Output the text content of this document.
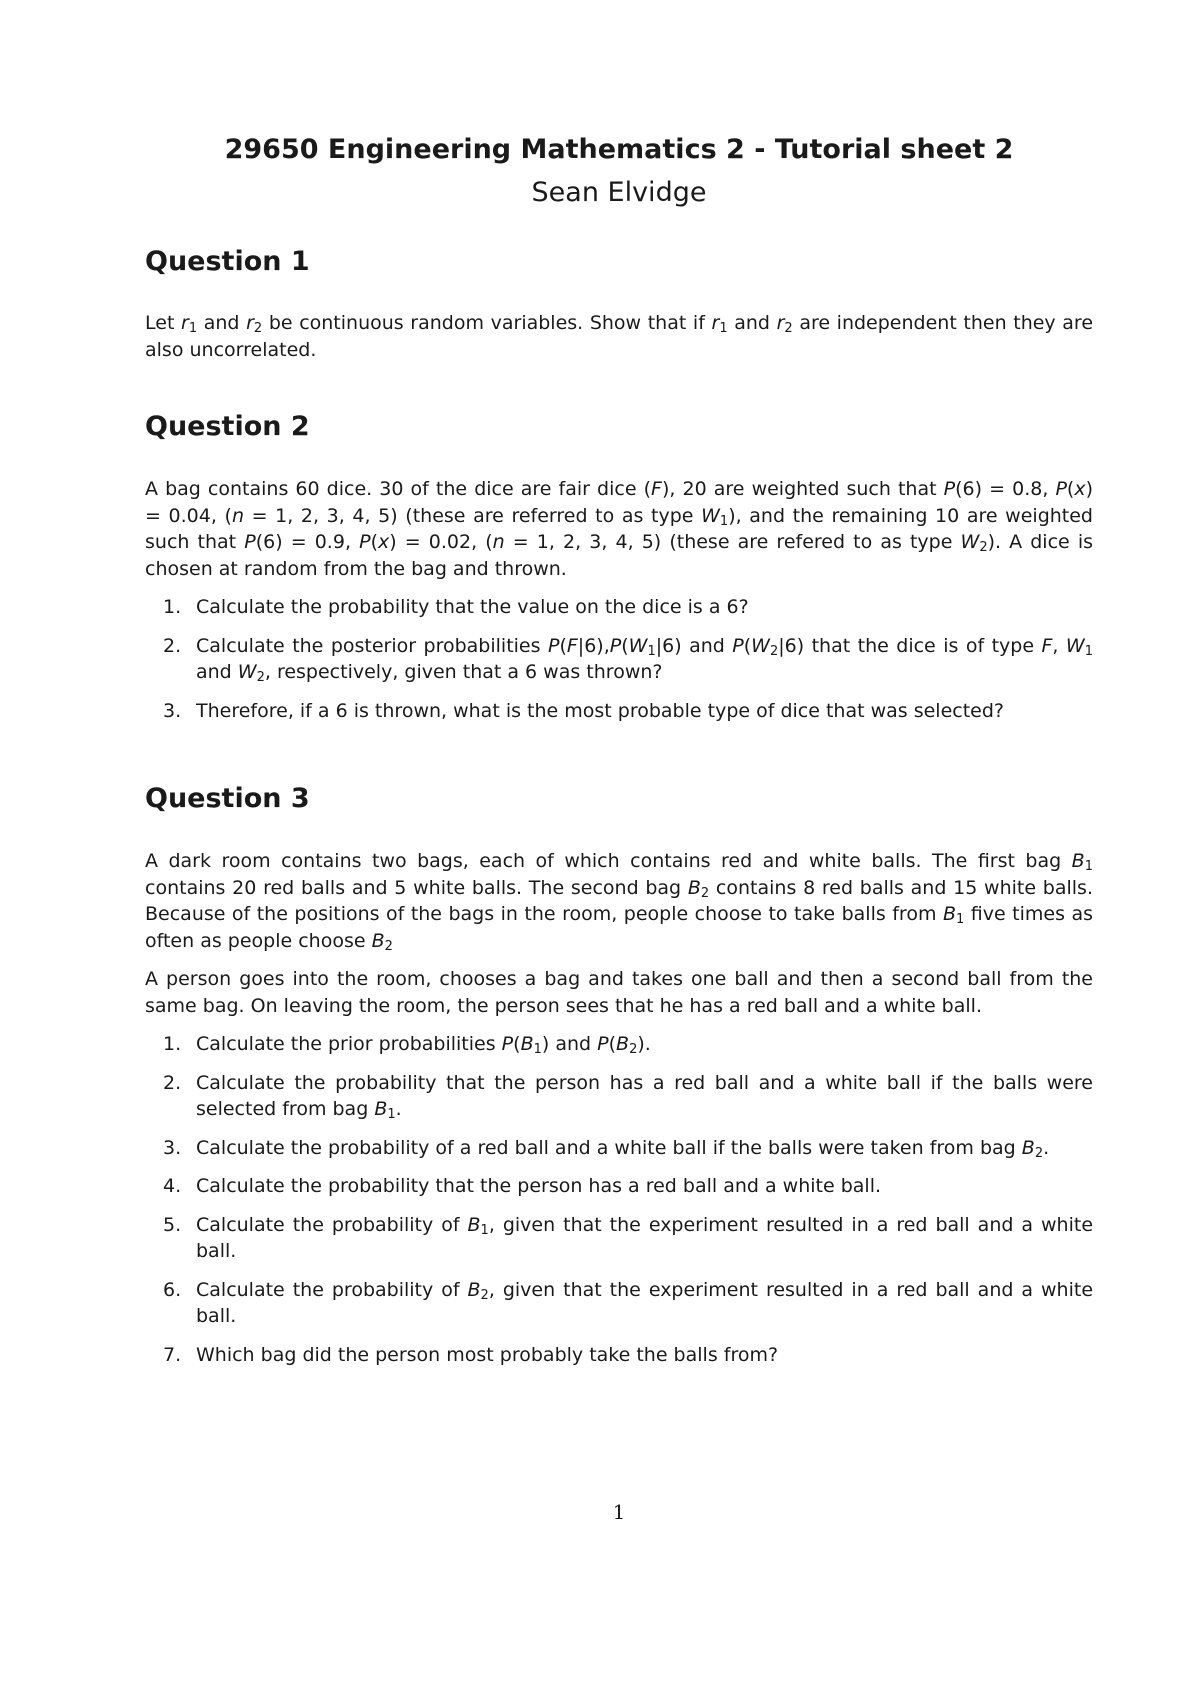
29650 Engineering Mathematics 2 - Tutorial sheet 2
Sean Elvidge
Question 1

Let $r_1$ and $r_2$ be continuous random variables. Show that if $r_1$ and $r_2$ are independent then they are also uncorrelated.

Question 2

A bag contains 60 dice. 30 of the dice are fair dice (F), 20 are weighted such that P(6) = 0.8, P(x) = 0.04, (n = 1, 2, 3, 4, 5) (these are referred to as type $W_1$), and the remaining 10 are weighted such that P(6) = 0.9, P(x) = 0.02, (n = 1, 2, 3, 4, 5) (these are refered to as type $W_2$). A dice is chosen at random from the bag and thrown.

1. Calculate the probability that the value on the dice is a 6?
2. Calculate the posterior probabilities $P(F|6),P(W_1|6)$ and $P(W_2|6)$ that the dice is of type F, $W_1$ and $W_2$, respectively, given that a 6 was thrown?
3. Therefore, if a 6 is thrown, what is the most probable type of dice that was selected?
Question 3

A dark room contains two bags, each of which contains red and white balls. The first bag $B_1$ contains 20 red balls and 5 white balls. The second bag $B_2$ contains 8 red balls and 15 white balls. Because of the positions of the bags in the room, people choose to take balls from $B_1$ five times as often as people choose $B_2$

A person goes into the room, chooses a bag and takes one ball and then a second ball from the same bag. On leaving the room, the person sees that he has a red ball and a white ball.

1. Calculate the prior probabilities $P(B_1)$ and $P(B_2)$.
2. Calculate the probability that the person has a red ball and a white ball if the balls were selected from bag $B_1$.
3. Calculate the probability of a red ball and a white ball if the balls were taken from bag $B_2$.
4. Calculate the probability that the person has a red ball and a white ball.
5. Calculate the probability of $B_1$, given that the experiment resulted in a red ball and a white ball.
6. Calculate the probability of $B_2$, given that the experiment resulted in a red ball and a white ball.
7. Which bag did the person most probably take the balls from?
1
